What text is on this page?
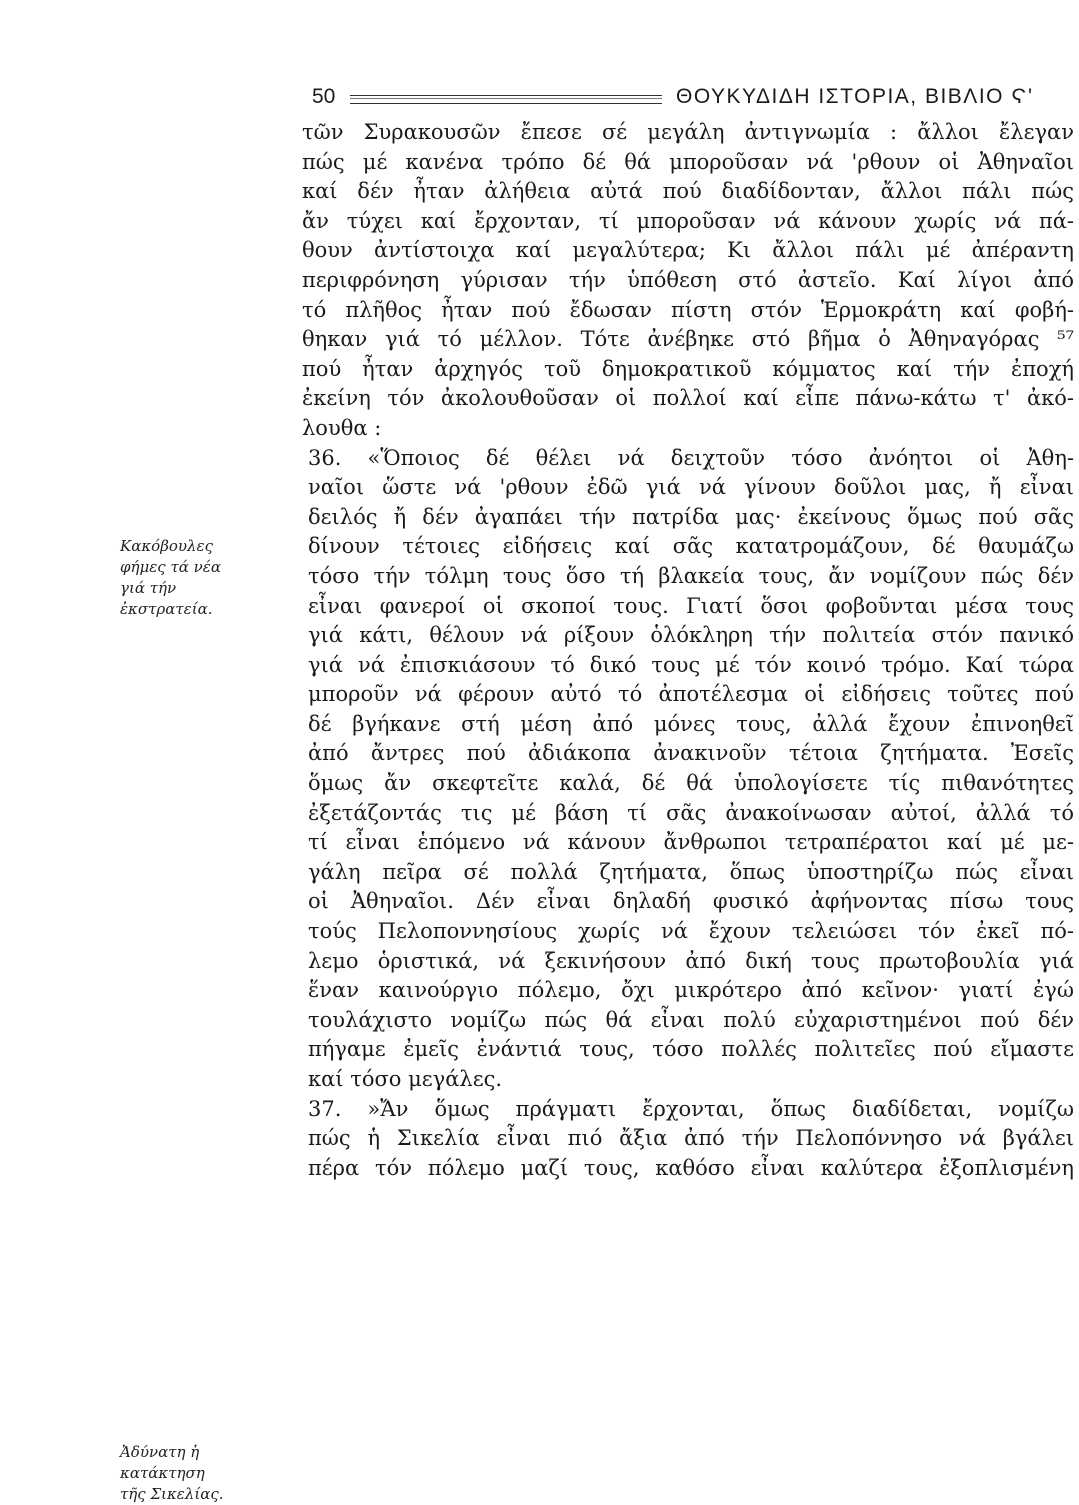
50	ΘΟΥΚΥΔΙΔΗ ΙΣΤΟΡΙΑ, ΒΙΒΛΙΟ Ϛ'
Κακόβουλες
φήμες τά νέα
γιά τήν
ἐκστρατεία.
Ἀδύνατη ἡ
κατάκτηση
τῆς Σικελίας.

τῶν Συρακουσῶν ἔπεσε σέ μεγάλη ἀντιγνωμία : ἄλλοι ἔλεγαν
πώς μέ κανένα τρόπο δέ θά μποροῦσαν νά 'ρθουν οἱ Ἀθηναῖοι
καί δέν ἦταν ἀλήθεια αὐτά πού διαδίδονταν, ἄλλοι πάλι πώς
ἄν τύχει καί ἔρχονταν, τί μποροῦσαν νά κάνουν χωρίς νά πά-
θουν ἀντίστοιχα καί μεγαλύτερα; Κι ἄλλοι πάλι μέ ἀπέραντη
περιφρόνηση γύρισαν τήν ὑπόθεση στό ἀστεῖο. Καί λίγοι ἀπό
τό πλῆθος ἦταν πού ἔδωσαν πίστη στόν Ἑρμοκράτη καί φοβή-
θηκαν γιά τό μέλλον. Τότε ἀνέβηκε στό βῆμα ὁ Ἀθηναγόρας ⁵⁷
πού ἦταν ἀρχηγός τοῦ δημοκρατικοῦ κόμματος καί τήν ἐποχή
ἐκείνη τόν ἀκολουθοῦσαν οἱ πολλοί καί εἶπε πάνω-κάτω τ' ἀκό-
λουθα :

36. «Ὅποιος δέ θέλει νά δειχτοῦν τόσο ἀνόητοι οἱ Ἀθη-
ναῖοι ὥστε νά 'ρθουν ἐδῶ γιά νά γίνουν δοῦλοι μας, ἤ εἶναι
δειλός ἤ δέν ἀγαπάει τήν πατρίδα μας· ἐκείνους ὅμως πού σᾶς
δίνουν τέτοιες εἰδήσεις καί σᾶς κατατρομάζουν, δέ θαυμάζω
τόσο τήν τόλμη τους ὅσο τή βλακεία τους, ἄν νομίζουν πώς δέν
εἶναι φανεροί οἱ σκοποί τους. Γιατί ὅσοι φοβοῦνται μέσα τους
γιά κάτι, θέλουν νά ρίξουν ὁλόκληρη τήν πολιτεία στόν πανικό
γιά νά ἐπισκιάσουν τό δικό τους μέ τόν κοινό τρόμο. Καί τώρα
μποροῦν νά φέρουν αὐτό τό ἀποτέλεσμα οἱ εἰδήσεις τοῦτες πού
δέ βγήκανε στή μέση ἀπό μόνες τους, ἀλλά ἔχουν ἐπινοηθεῖ
ἀπό ἄντρες πού ἀδιάκοπα ἀνακινοῦν τέτοια ζητήματα. Ἐσεῖς
ὅμως ἄν σκεφτεῖτε καλά, δέ θά ὑπολογίσετε τίς πιθανότητες
ἐξετάζοντάς τις μέ βάση τί σᾶς ἀνακοίνωσαν αὐτοί, ἀλλά τό
τί εἶναι ἑπόμενο νά κάνουν ἄνθρωποι τετραπέρατοι καί μέ με-
γάλη πεῖρα σέ πολλά ζητήματα, ὅπως ὑποστηρίζω πώς εἶναι
οἱ Ἀθηναῖοι. Δέν εἶναι δηλαδή φυσικό ἀφήνοντας πίσω τους
τούς Πελοποννησίους χωρίς νά ἔχουν τελειώσει τόν ἐκεῖ πό-
λεμο ὁριστικά, νά ξεκινήσουν ἀπό δική τους πρωτοβουλία γιά
ἕναν καινούργιο πόλεμο, ὄχι μικρότερο ἀπό κεῖνον· γιατί ἐγώ
τουλάχιστο νομίζω πώς θά εἶναι πολύ εὐχαριστημένοι πού δέν
πήγαμε ἐμεῖς ἐνάντιά τους, τόσο πολλές πολιτεῖες πού εἴμαστε
καί τόσο μεγάλες.

37. »Ἄν ὅμως πράγματι ἔρχονται, ὅπως διαδίδεται, νομίζω
πώς ἡ Σικελία εἶναι πιό ἄξια ἀπό τήν Πελοπόννησο νά βγάλει
πέρα τόν πόλεμο μαζί τους, καθόσο εἶναι καλύτερα ἐξοπλισμένη
